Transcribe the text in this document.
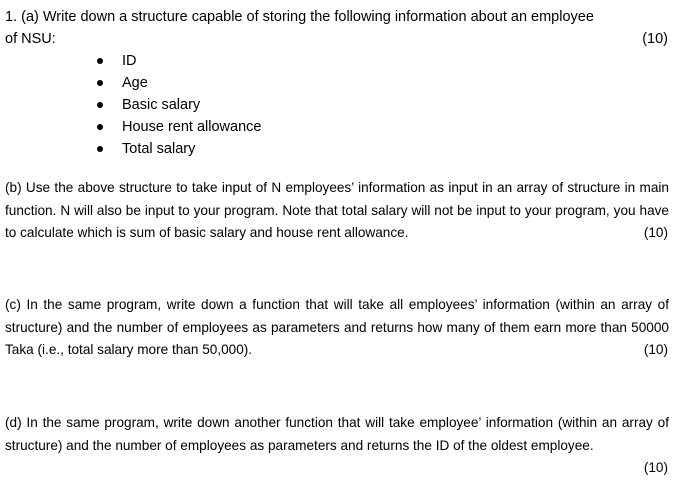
1. (a) Write down a structure capable of storing the following information about an employee
of NSU:	(10)
ID
Age
Basic salary
House rent allowance
Total salary
(b) Use the above structure to take input of N employees’ information as input in an array of structure in main function. N will also be input to your program. Note that total salary will not be input to your program, you have to calculate which is sum of basic salary and house rent allowance.	(10)
(c) In the same program, write down a function that will take all employees’ information (within an array of structure) and the number of employees as parameters and returns how many of them earn more than 50000 Taka (i.e., total salary more than 50,000).	(10)
(d) In the same program, write down another function that will take employee’ information (within an array of structure) and the number of employees as parameters and returns the ID of the oldest employee.
(10)
